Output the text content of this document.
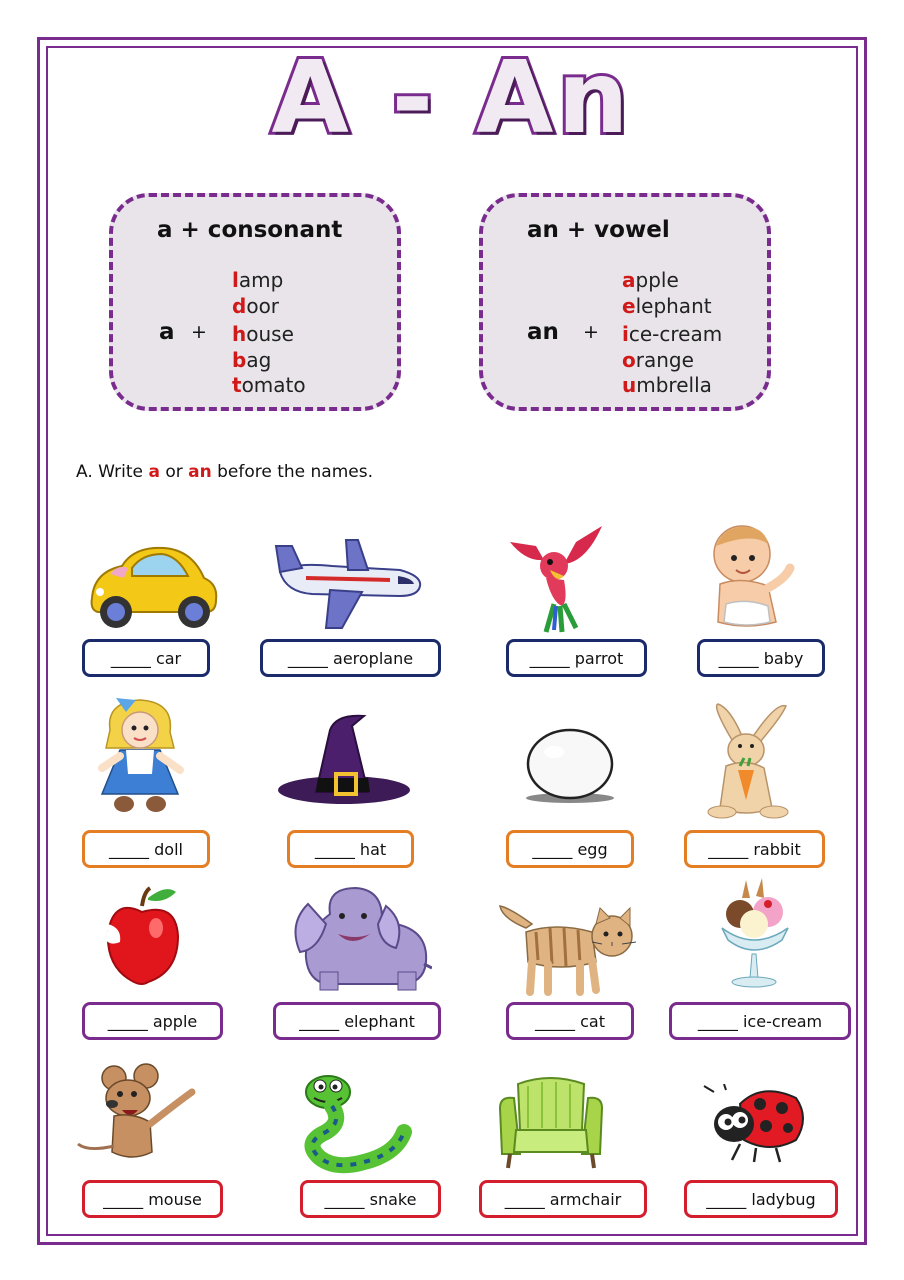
A - An
a + consonant
a +
lamp
door
house
bag
tomato
an + vowel
an +
apple
elephant
ice-cream
orange
umbrella
A. Write a or an before the names.
_____ car	_____ aeroplane	_____ parrot	_____ baby
_____ doll	_____ hat	_____ egg	_____ rabbit
_____ apple	_____ elephant	_____ cat	_____ ice-cream
_____ mouse	_____ snake	_____ armchair	_____ ladybug
